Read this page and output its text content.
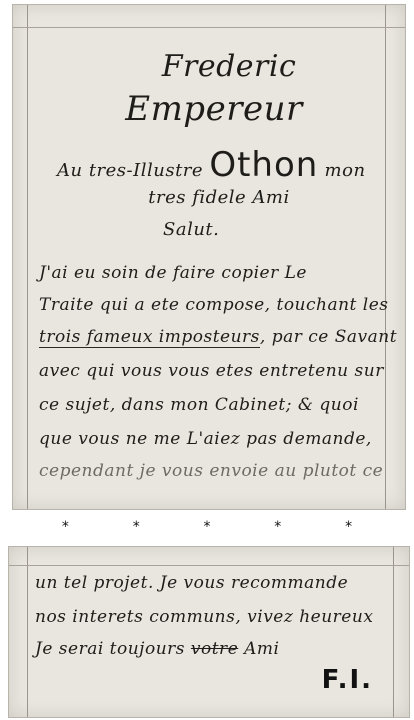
Frederic
Empereur
Au tres-Illustre Othon mon
tres fidele Ami
Salut.
J'ai eu soin de faire copier Le
Traite qui a ete compose, touchant les
trois fameux imposteurs, par ce Savant
avec qui vous vous etes entretenu sur
ce sujet, dans mon Cabinet; & quoi
que vous ne me L'aiez pas demande,
cependant je vous envoie au plutot ce
*	*	*	*	*
un tel projet. Je vous recommande
nos interets communs, vivez heureux
Je serai toujours votre Ami
F.I.
